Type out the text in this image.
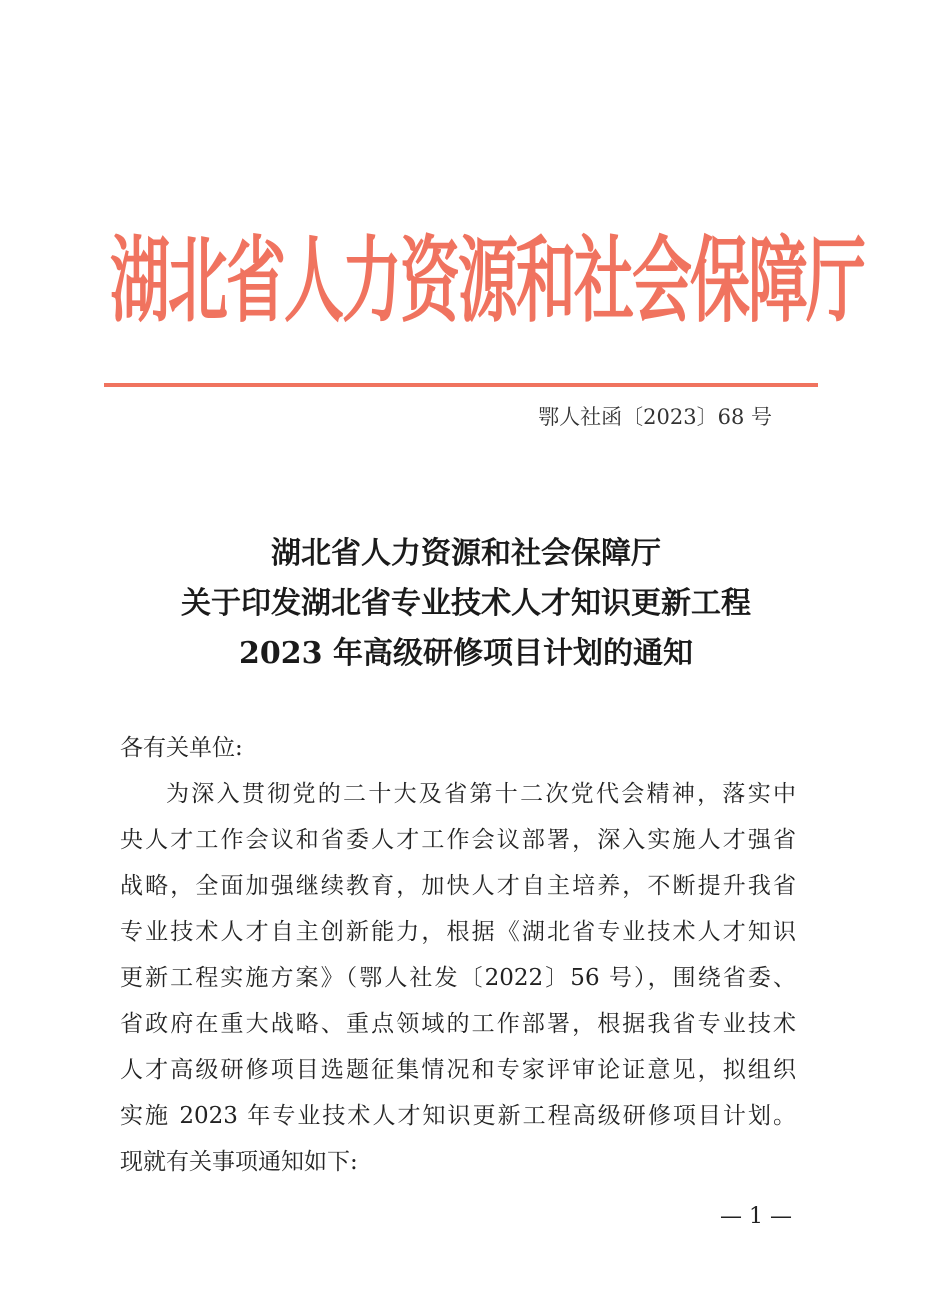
湖北省人力资源和社会保障厅
鄂人社函〔2023〕68 号
湖北省人力资源和社会保障厅
关于印发湖北省专业技术人才知识更新工程
2023 年高级研修项目计划的通知
各有关单位:
为深入贯彻党的二十大及省第十二次党代会精神，落实中
央人才工作会议和省委人才工作会议部署，深入实施人才强省
战略，全面加强继续教育，加快人才自主培养，不断提升我省
专业技术人才自主创新能力，根据《湖北省专业技术人才知识
更新工程实施方案》（鄂人社发〔2022〕56 号），围绕省委、
省政府在重大战略、重点领域的工作部署，根据我省专业技术
人才高级研修项目选题征集情况和专家评审论证意见，拟组织
实施 2023 年专业技术人才知识更新工程高级研修项目计划。
现就有关事项通知如下:
— 1 —
